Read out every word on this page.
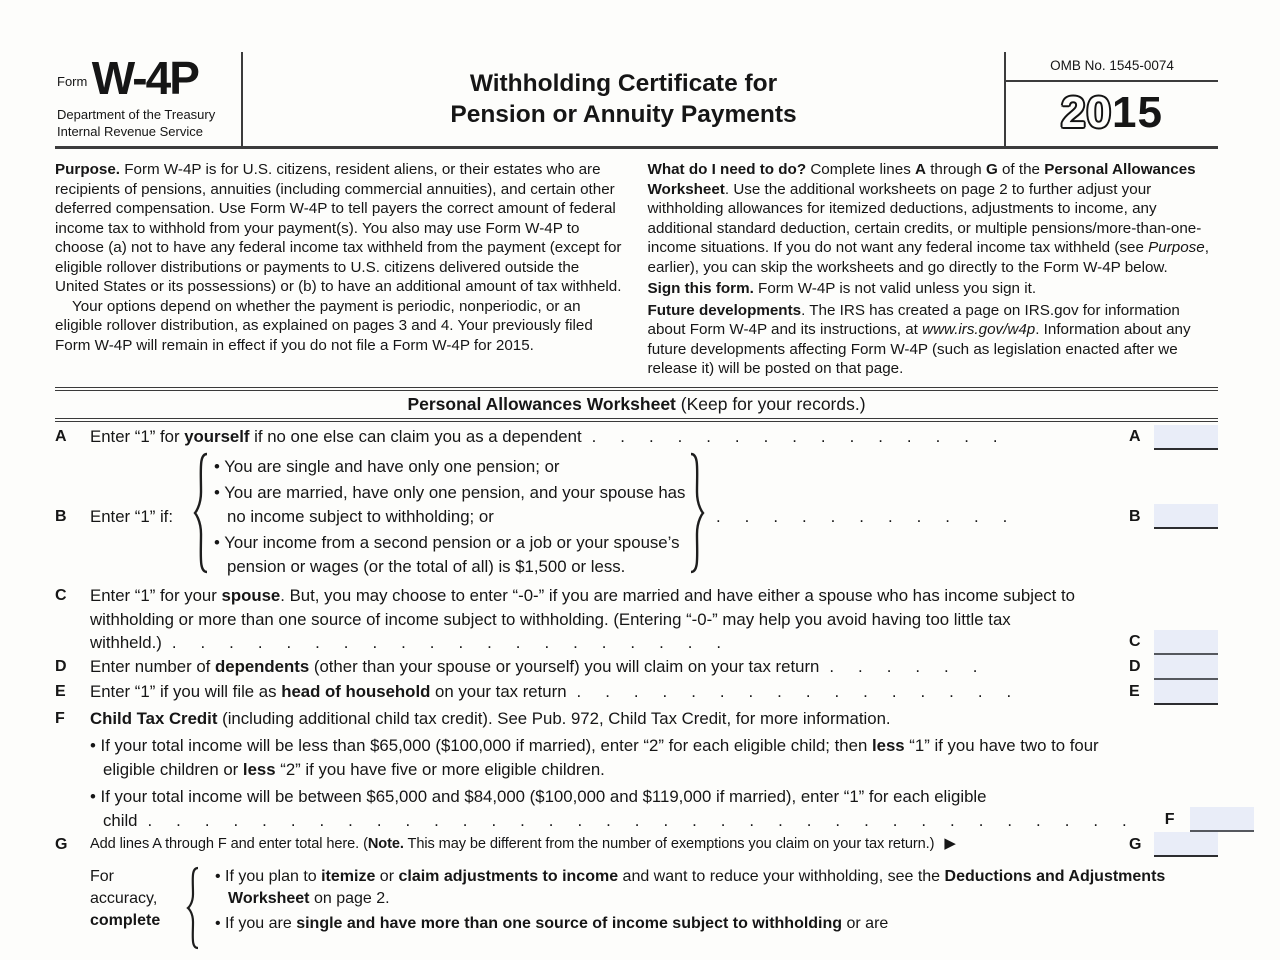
$^{Form}$ W-4P
Department of the Treasury
Internal Revenue Service
Withholding Certificate for
Pension or Annuity Payments
OMB No. 1545-0074
2015

Purpose. Form W-4P is for U.S. citizens, resident aliens, or their estates who are recipients of pensions, annuities (including commercial annuities), and certain other deferred compensation. Use Form W-4P to tell payers the correct amount of federal income tax to withhold from your payment(s). You also may use Form W-4P to choose (a) not to have any federal income tax withheld from the payment (except for eligible rollover distributions or payments to U.S. citizens delivered outside the United States or its possessions) or (b) to have an additional amount of tax withheld.

Your options depend on whether the payment is periodic, nonperiodic, or an eligible rollover distribution, as explained on pages 3 and 4. Your previously filed Form W-4P will remain in effect if you do not file a Form W-4P for 2015.

What do I need to do? Complete lines A through G of the Personal Allowances Worksheet. Use the additional worksheets on page 2 to further adjust your withholding allowances for itemized deductions, adjustments to income, any additional standard deduction, certain credits, or multiple pensions/more-than-one-income situations. If you do not want any federal income tax withheld (see Purpose, earlier), you can skip the worksheets and go directly to the Form W-4P below.

Sign this form. Form W-4P is not valid unless you sign it.

Future developments. The IRS has created a page on IRS.gov for information about Form W-4P and its instructions, at www.irs.gov/w4p. Information about any future developments affecting Form W-4P (such as legislation enacted after we release it) will be posted on that page.

Personal Allowances Worksheet (Keep for your records.)
A	Enter “1” for yourself if no one else can claim you as a dependent ...............	A
B	Enter “1” if:
• You are single and have only one pension; or
• You are married, have only one pension, and your spouse has no income subject to withholding; or
• Your income from a second pension or a job or your spouse’s pension or wages (or the total of all) is $1,500 or less.
...........	B
C	Enter “1” for your spouse. But, you may choose to enter “-0-” if you are married and have either a spouse who has income subject to withholding or more than one source of income subject to withholding. (Entering “-0-” may help you avoid having too little tax withheld.) ....................	C
D	Enter number of dependents (other than your spouse or yourself) you will claim on your tax return ......	D
E	Enter “1” if you will file as head of household on your tax return ................	E
F	Child Tax Credit (including additional child tax credit). See Pub. 972, Child Tax Credit, for more information.
• If your total income will be less than $65,000 ($100,000 if married), enter “2” for each eligible child; then less “1” if you have two to four eligible children or less “2” if you have five or more eligible children.
• If your total income will be between $65,000 and $84,000 ($100,000 and $119,000 if married), enter “1” for each eligible child ................................... F
G	Add lines A through F and enter total here. (Note. This may be different from the number of exemptions you claim on your tax return.) ▶	G
For
accuracy,
complete
• If you plan to itemize or claim adjustments to income and want to reduce your withholding, see the Deductions and Adjustments Worksheet on page 2.
• If you are single and have more than one source of income subject to withholding or are
